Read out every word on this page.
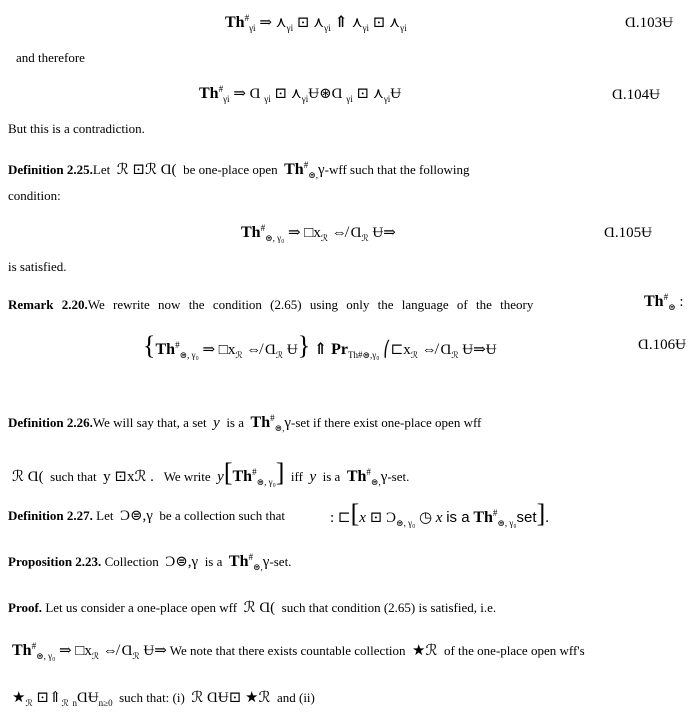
$Th^{\#}_{\gamma i}$ ⇒ $⋏_{\gamma i}$ ⊡ $⋏_{\gamma i}$ ⇑ $⋏_{\gamma i}$ ⊡ $⋏_{\gamma i}$	Ɑ.103Ʉ
and therefore
$Th^{\#}_{\gamma i}$ ⇒ Ɑ $_{\gamma i}$ ⊡ $⋏_{\gamma i}Ʉ⊛Ɑ$ $_{\gamma i}$ ⊡ $⋏_{\gamma i}Ʉ$	Ɑ.104Ʉ
But this is a contradiction.
Definition 2.25.Let ℛ ⊡ℛ Ɑ( be one-place open $Th^{\#}_{⊜,}\gamma$-wff such that the following
condition:
$Th^{\#}_{⊜, \gamma_0}$ ⇒ $□x_ℛ$ ⇎ Ɑ$_ℛ$ Ʉ⇒	Ɑ.105Ʉ
is satisfied.
Remark 2.20.We rewrite now the condition (2.65) using only the language of the theory	$Th^{\#}_⊜$ :
{$Th^{\#}_{⊜, \gamma_0}$ ⇒ $□x_ℛ$ ⇎ Ɑ$_ℛ$ Ʉ} ⇑ $Pr_{Th\#⊜,\gamma_0}$ $⎛⊏x_ℛ$ ⇎ Ɑ$_ℛ$ Ʉ⇒Ʉ	Ɑ.106Ʉ
Definition 2.26.We will say that, a set y is a $Th^{\#}_{⊜,}\gamma$-set if there exist one-place open wff
ℛ Ɑ( such that y ⊡xℛ . We write $y[Th^{\#}_{⊜, \gamma_0}]$ iff y is a $Th^{\#}_{⊜,}\gamma$-set.
Definition 2.27. Let Ɔ⊜,γ be a collection such that	: ⊏[x ⊡ $Ɔ_{⊜, \gamma_0}$ ◷ x is a $Th^{\#}_{⊜, \gamma_0}set$].
Proposition 2.23. Collection Ɔ⊜,γ is a $Th^{\#}_{⊜,}\gamma$-set.
Proof. Let us consider a one-place open wff ℛ Ɑ( such that condition (2.65) is satisfied, i.e.
$Th^{\#}_{⊜, \gamma_0}$ ⇒ $□x_ℛ$ ⇎ Ɑ$_ℛ$ Ʉ⇒ We note that there exists countable collection ★ℛ of the one-place open wff's
$★_ℛ$ $⊡⇑_ℛ$ $_n$ⱭɄ$_{n\ge 0}$ such that: (i) ℛ ⱭɄ⊡ ★ℛ and (ii)
